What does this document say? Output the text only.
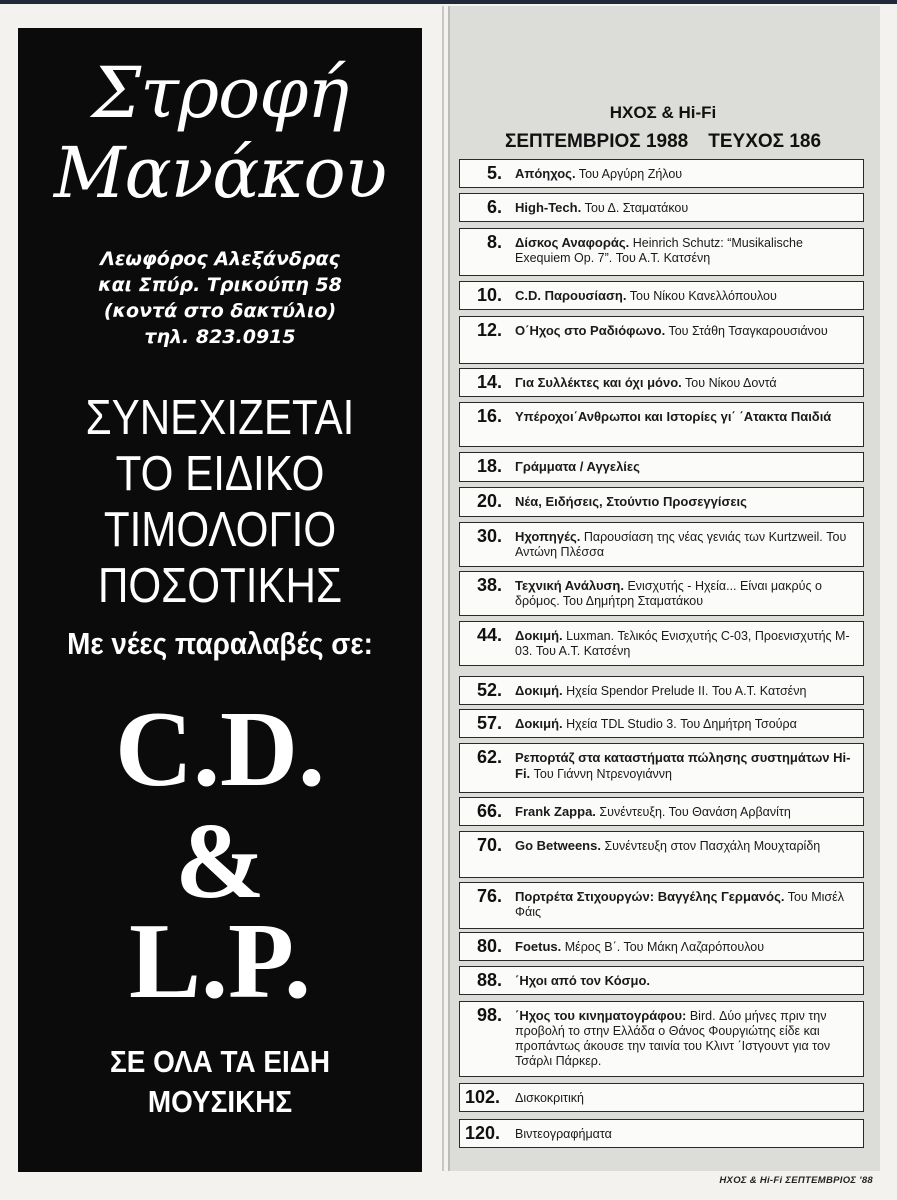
Στροφή
Μανάκου
Λεωφόρος Αλεξάνδρας
και Σπύρ. Τρικούπη 58
(κοντά στο δακτύλιο)
τηλ. 823.0915
ΣΥΝΕΧΙΖΕΤΑΙ
ΤΟ ΕΙΔΙΚΟ
ΤΙΜΟΛΟΓΙΟ
ΠΟΣΟΤΙΚΗΣ
Με νέες παραλαβές σε:
C.D.
&
L.P.
ΣΕ ΟΛΑ ΤΑ ΕΙΔΗ
ΜΟΥΣΙΚΗΣ
ΗΧΟΣ & Hi-Fi
ΣΕΠΤΕΜΒΡΙΟΣ 1988 ΤΕΥΧΟΣ 186
5. Απόηχος. Του Αργύρη Ζήλου
6. High-Tech. Του Δ. Σταματάκου
8. Δίσκος Αναφοράς. Heinrich Schutz: “Musikalische Exequiem Op. 7”. Του Α.Τ. Κατσένη
10. C.D. Παρουσίαση. Του Νίκου Κανελλόπουλου
12. Ο΄Ηχος στο Ραδιόφωνο. Του Στάθη Τσαγκαρουσιάνου
14. Για Συλλέκτες και όχι μόνο. Του Νίκου Δοντά
16. Υπέροχοι΄Ανθρωποι και Ιστορίες γι΄ ΄Ατακτα Παιδιά
18. Γράμματα / Αγγελίες
20. Νέα, Ειδήσεις, Στούντιο Προσεγγίσεις
30. Ηχοπηγές. Παρουσίαση της νέας γενιάς των Kurtzweil. Του Αντώνη Πλέσσα
38. Τεχνική Ανάλυση. Ενισχυτής - Ηχεία... Είναι μακρύς ο δρόμος. Του Δημήτρη Σταματάκου
44. Δοκιμή. Luxman. Τελικός Ενισχυτής C-03, Προενισχυτής M-03. Του Α.Τ. Κατσένη
52. Δοκιμή. Ηχεία Spendor Prelude II. Του Α.Τ. Κατσένη
57. Δοκιμή. Ηχεία TDL Studio 3. Του Δημήτρη Τσούρα
62. Ρεπορτάζ στα καταστήματα πώλησης συστημάτων Hi-Fi. Του Γιάννη Ντρενογιάννη
66. Frank Zappa. Συνέντευξη. Του Θανάση Αρβανίτη
70. Go Betweens. Συνέντευξη στον Πασχάλη Μουχταρίδη
76. Πορτρέτα Στιχουργών: Βαγγέλης Γερμανός. Του Μισέλ Φάις
80. Foetus. Μέρος Β΄. Του Μάκη Λαζαρόπουλου
88. ΄Ηχοι από τον Κόσμο.
98. ΄Ηχος του κινηματογράφου: Bird. Δύο μήνες πριν την προβολή το στην Ελλάδα ο Θάνος Φουργιώτης είδε και προπάντως άκουσε την ταινία του Κλιντ ΄Ιστγουντ για τον Τσάρλι Πάρκερ.
102. Δισκοκριτική
120. Βιντεογραφήματα
ΗΧΟΣ & Hi-Fi ΣΕΠΤΕΜΒΡΙΟΣ '88
